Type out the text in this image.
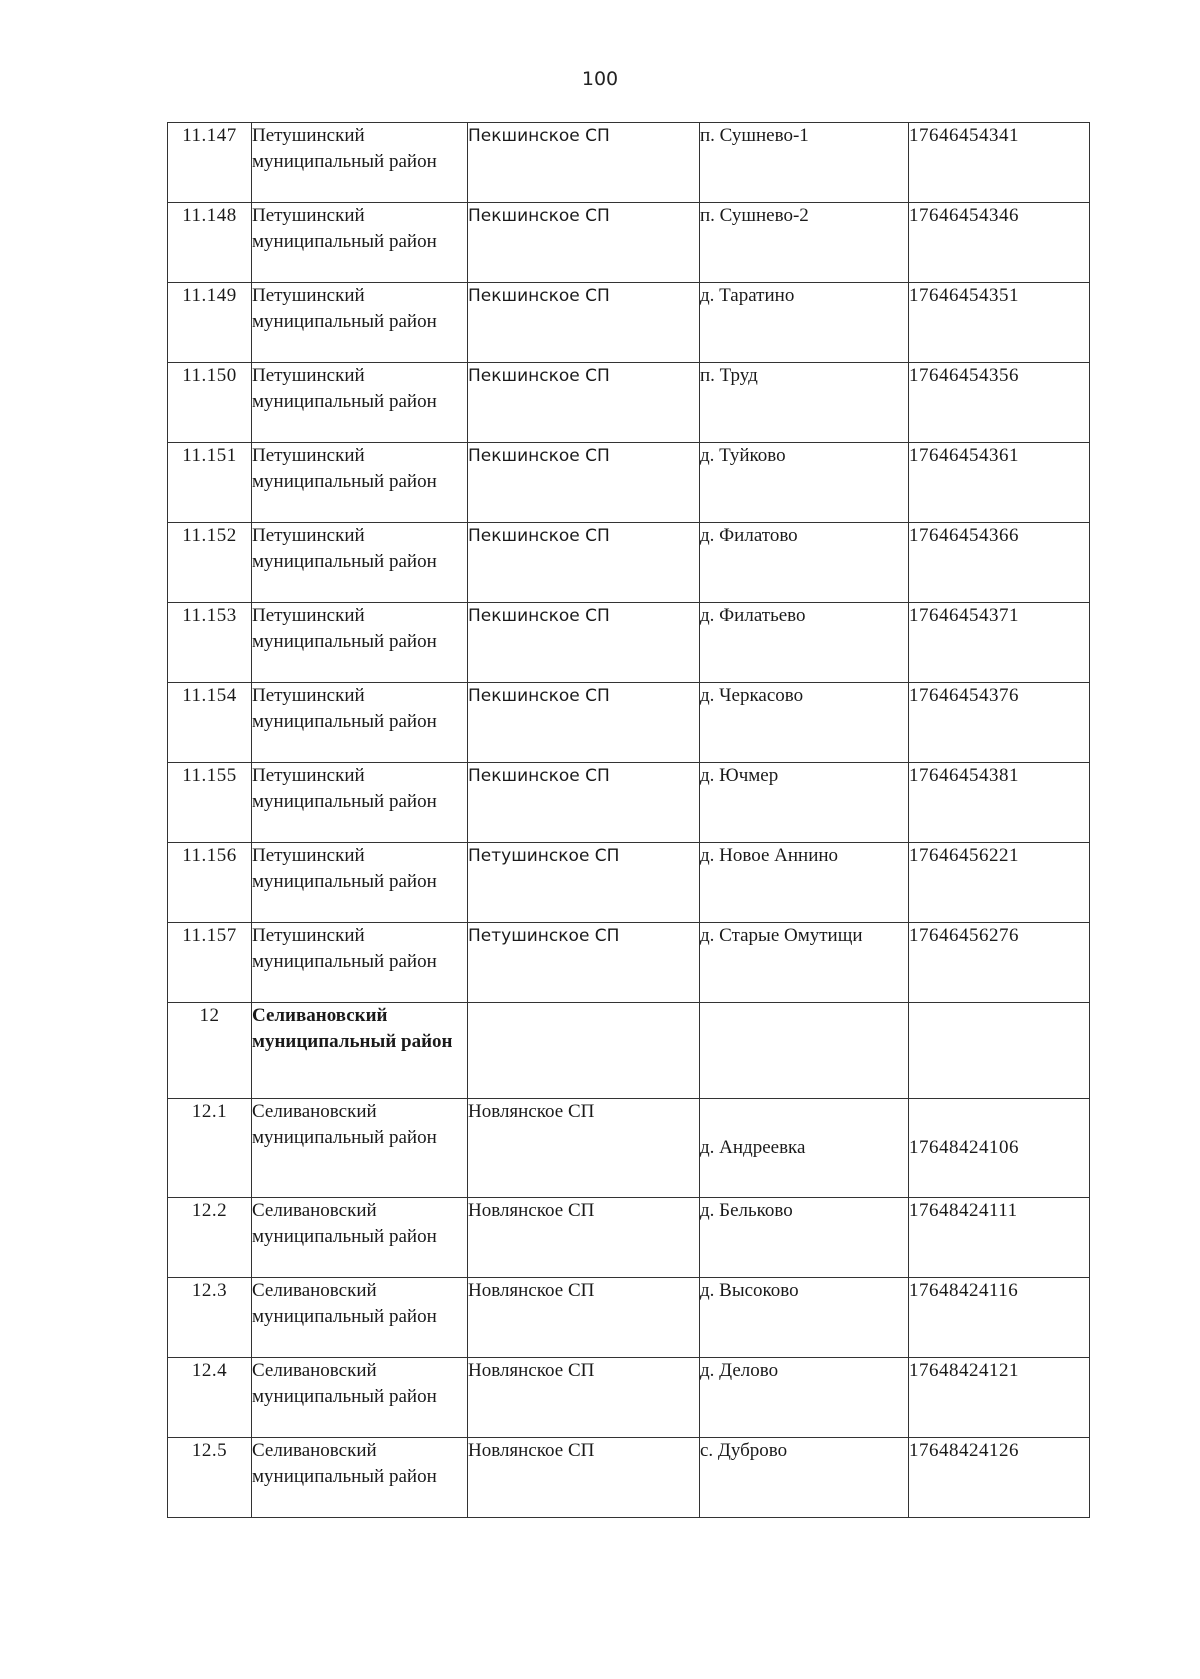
100
11.147	Петушинский муниципальный район	Пекшинское СП	п. Сушнево-1	17646454341
11.148	Петушинский муниципальный район	Пекшинское СП	п. Сушнево-2	17646454346
11.149	Петушинский муниципальный район	Пекшинское СП	д. Таратино	17646454351
11.150	Петушинский муниципальный район	Пекшинское СП	п. Труд	17646454356
11.151	Петушинский муниципальный район	Пекшинское СП	д. Туйково	17646454361
11.152	Петушинский муниципальный район	Пекшинское СП	д. Филатово	17646454366
11.153	Петушинский муниципальный район	Пекшинское СП	д. Филатьево	17646454371
11.154	Петушинский муниципальный район	Пекшинское СП	д. Черкасово	17646454376
11.155	Петушинский муниципальный район	Пекшинское СП	д. Ючмер	17646454381
11.156	Петушинский муниципальный район	Петушинское СП	д. Новое Аннино	17646456221
11.157	Петушинский муниципальный район	Петушинское СП	д. Старые Омутищи	17646456276
12	Селивановский муниципальный район			
12.1	Селивановский муниципальный район	Новлянское СП	д. Андреевка	17648424106
12.2	Селивановский муниципальный район	Новлянское СП	д. Бельково	17648424111
12.3	Селивановский муниципальный район	Новлянское СП	д. Высоково	17648424116
12.4	Селивановский муниципальный район	Новлянское СП	д. Делово	17648424121
12.5	Селивановский муниципальный район	Новлянское СП	с. Дуброво	17648424126
